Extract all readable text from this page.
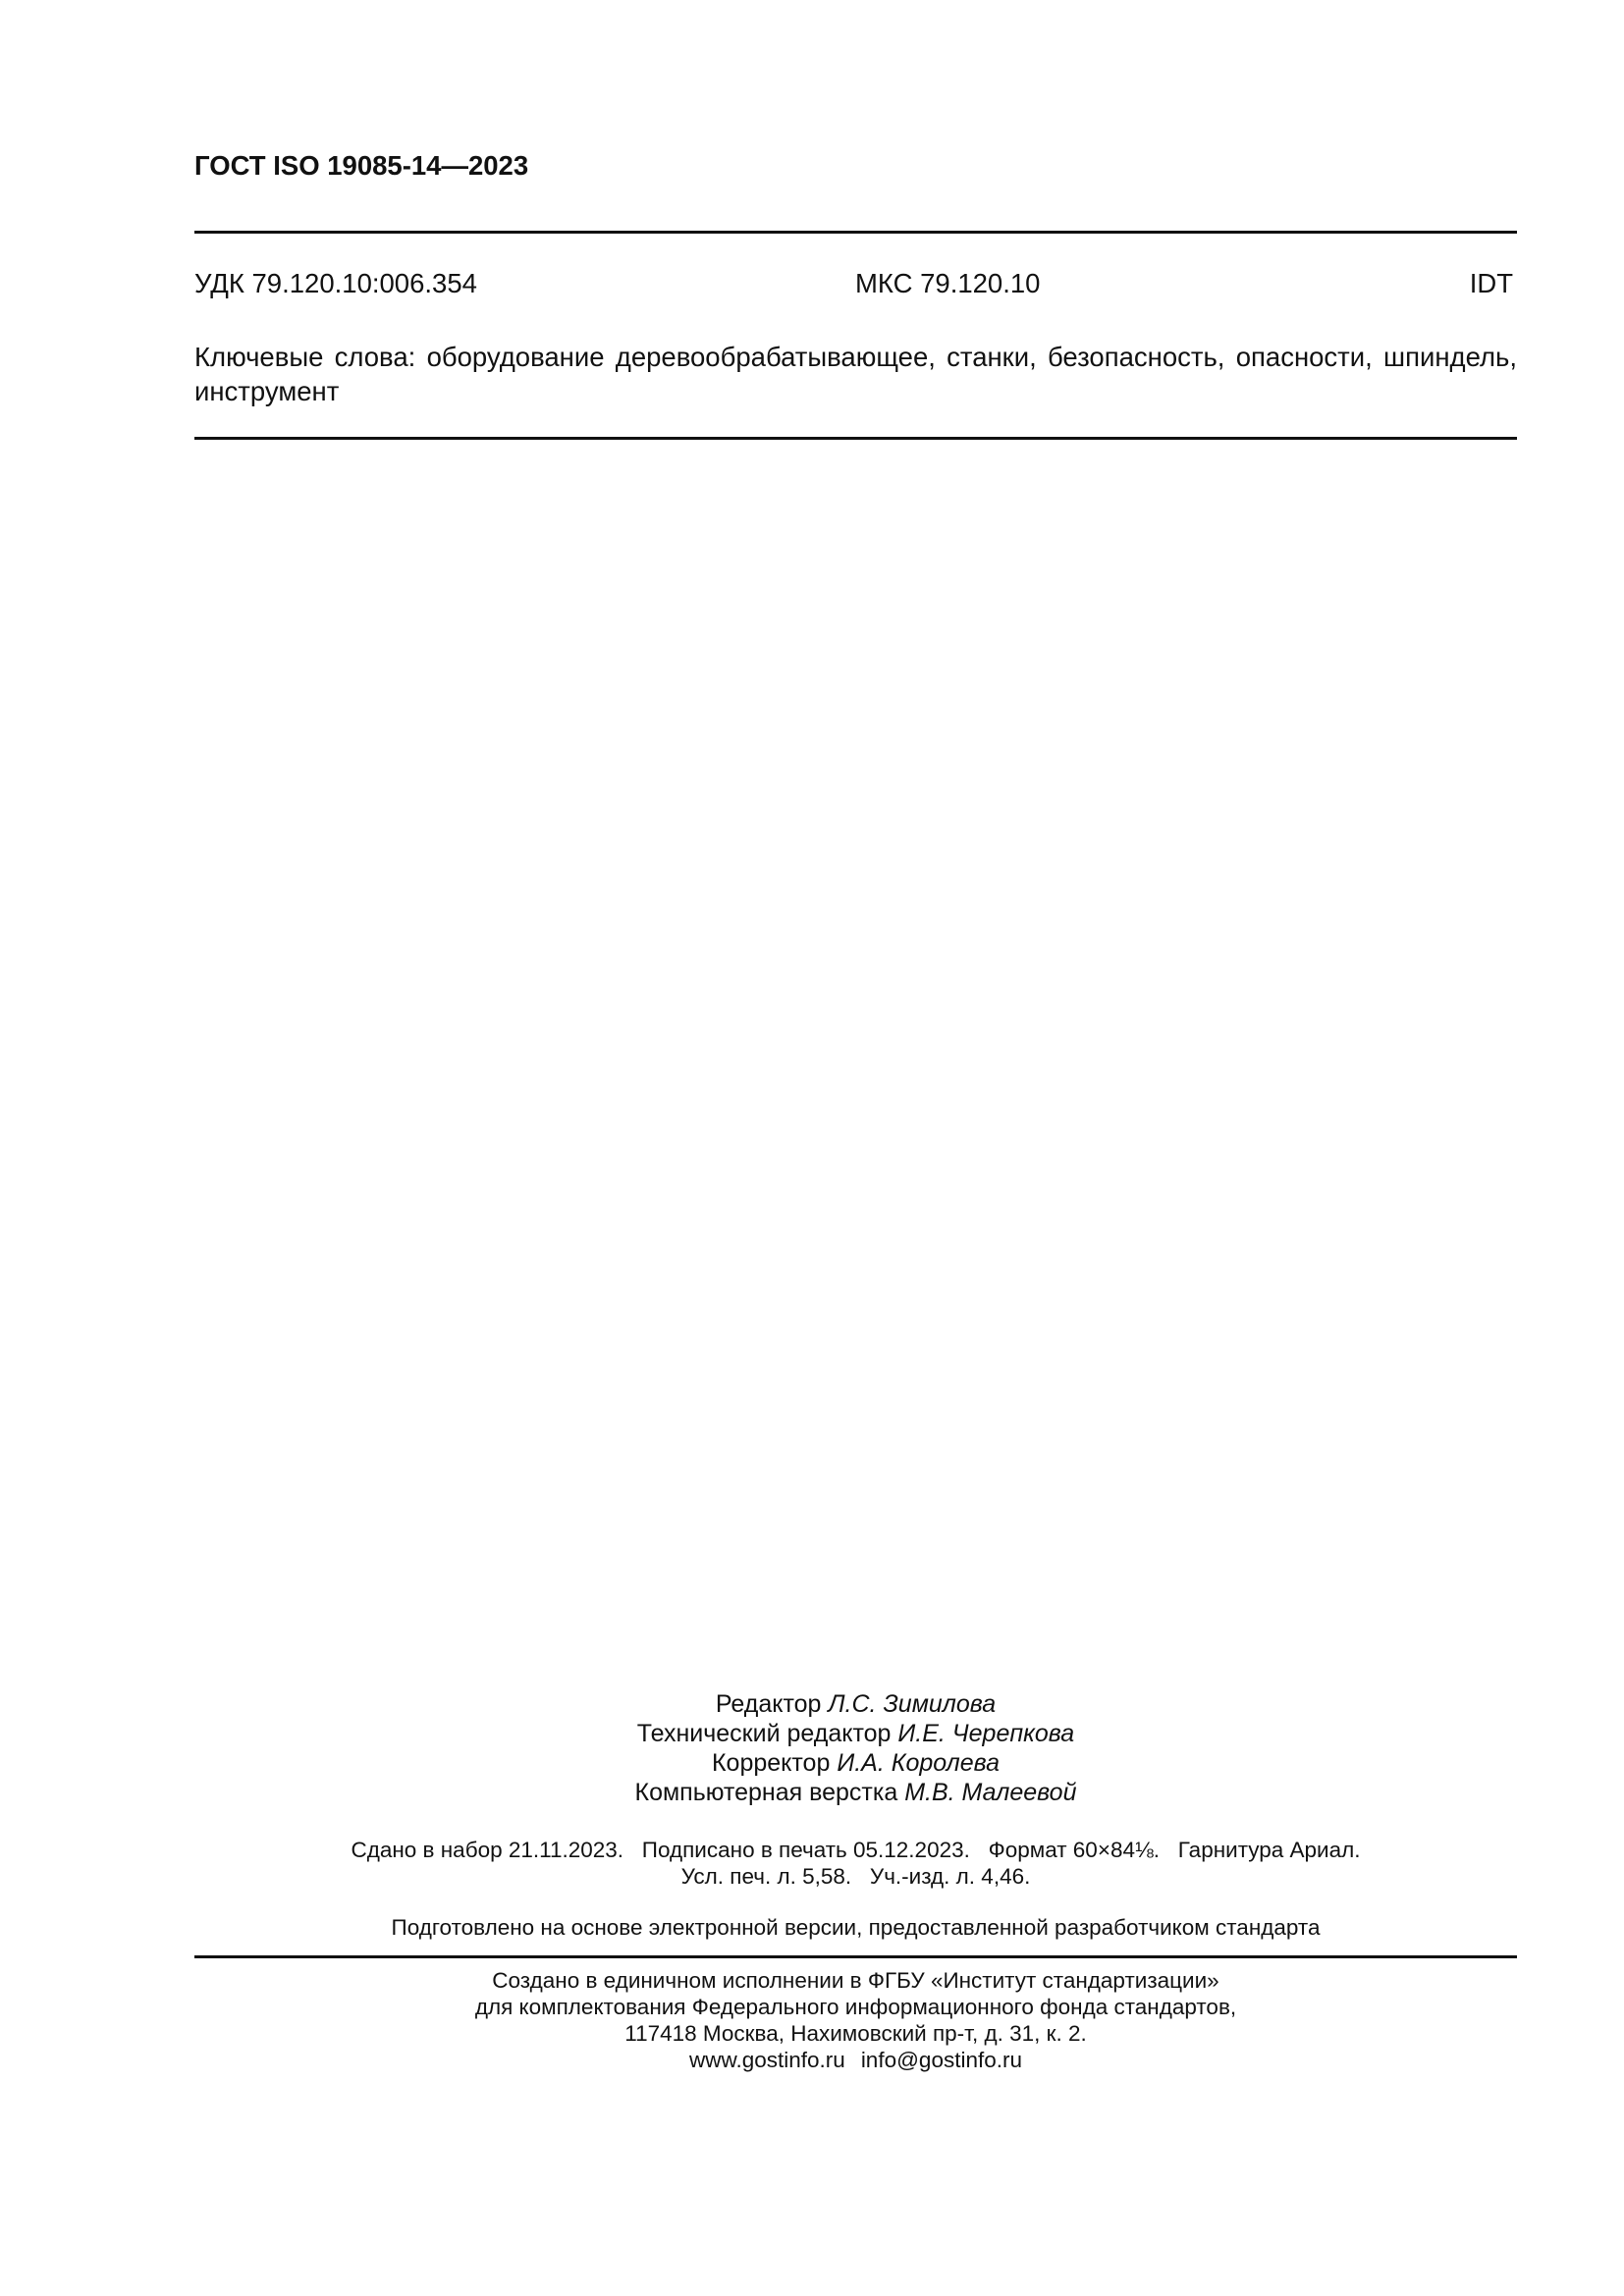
ГОСТ ISO 19085-14—2023
УДК 79.120.10:006.354	МКС 79.120.10	IDT

Ключевые слова: оборудование деревообрабатывающее, станки, безопасность, опасности, шпиндель, инструмент

Редактор Л.С. Зимилова
Технический редактор И.Е. Черепкова
Корректор И.А. Королева
Компьютерная верстка М.В. Малеевой
Сдано в набор 21.11.2023.   Подписано в печать 05.12.2023.   Формат 60×84⅛.   Гарнитура Ариал.
Усл. печ. л. 5,58.   Уч.-изд. л. 4,46.
Подготовлено на основе электронной версии, предоставленной разработчиком стандарта
Создано в единичном исполнении в ФГБУ «Институт стандартизации»
для комплектования Федерального информационного фонда стандартов,
117418 Москва, Нахимовский пр-т, д. 31, к. 2.
www.gostinfo.ru info@gostinfo.ru
